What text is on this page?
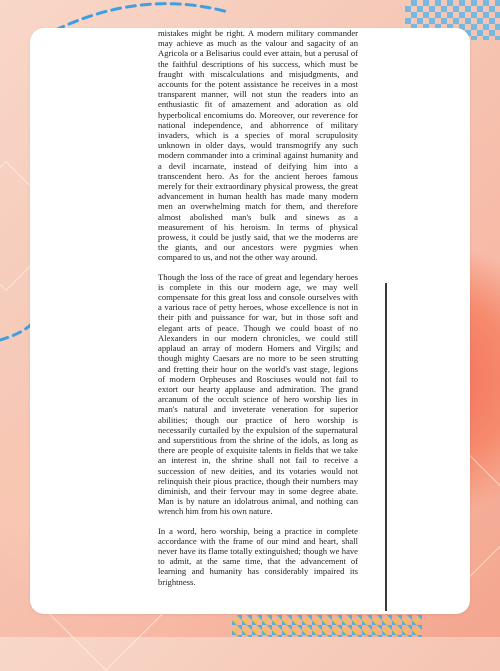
mistakes might be right. A modern military commander may achieve as much as the valour and sagacity of an Agricola or a Belisarius could ever attain, but a perusal of the faithful descriptions of his success, which must be fraught with miscalculations and misjudgments, and accounts for the potent assistance he receives in a most transparent manner, will not stun the readers into an enthusiastic fit of amazement and adoration as old hyperbolical encomiums do. Moreover, our reverence for national independence, and abhorrence of military invaders, which is a species of moral scrupulosity unknown in older days, would transmogrify any such modern commander into a criminal against humanity and a devil incarnate, instead of deifying him into a transcendent hero. As for the ancient heroes famous merely for their extraordinary physical prowess, the great advancement in human health has made many modern men an overwhelming match for them, and therefore almost abolished man's bulk and sinews as a measurement of his heroism. In terms of physical prowess, it could be justly said, that we the moderns are the giants, and our ancestors were pygmies when compared to us, and not the other way around.

Though the loss of the race of great and legendary heroes is complete in this our modern age, we may well compensate for this great loss and console ourselves with a various race of petty heroes, whose excellence is not in their pith and puissance for war, but in those soft and elegant arts of peace. Though we could boast of no Alexanders in our modern chronicles, we could still applaud an array of modern Homers and Virgils; and though mighty Caesars are no more to be seen strutting and fretting their hour on the world's vast stage, legions of modern Orpheuses and Rosciuses would not fail to extort our hearty applause and admiration. The grand arcanum of the occult science of hero worship lies in man's natural and inveterate veneration for superior abilities; though our practice of hero worship is necessarily curtailed by the expulsion of the supernatural and superstitious from the shrine of the idols, as long as there are people of exquisite talents in fields that we take an interest in, the shrine shall not fail to receive a succession of new deities, and its votaries would not relinquish their pious practice, though their numbers may diminish, and their fervour may in some degree abate. Man is by nature an idolatrous animal, and nothing can wrench him from his own nature.

In a word, hero worship, being a practice in complete accordance with the frame of our mind and heart, shall never have its flame totally extinguished; though we have to admit, at the same time, that the advancement of learning and humanity has considerably impaired its brightness.
